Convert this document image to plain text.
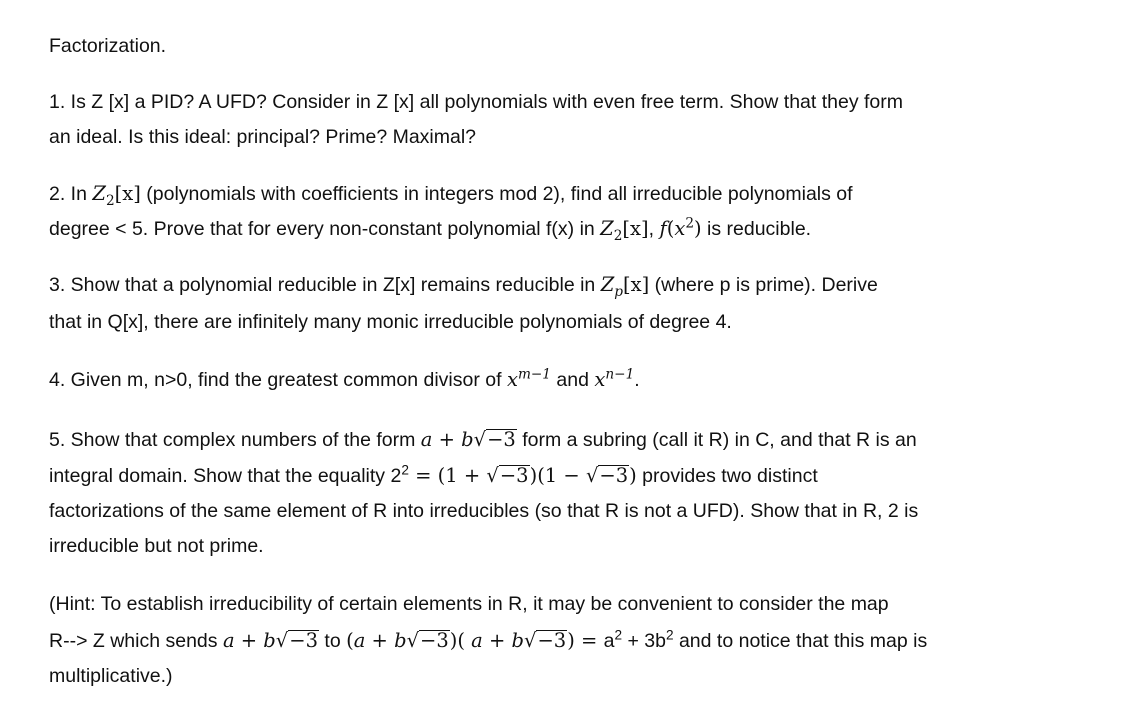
Factorization.
1. Is Z [x] a PID? A UFD? Consider in Z [x] all polynomials with even free term. Show that they form
an ideal. Is this ideal: principal? Prime? Maximal?
2. In $Z_2[x]$ (polynomials with coefficients in integers mod 2), find all irreducible polynomials of
degree < 5. Prove that for every non-constant polynomial f(x) in $Z_2[x]$, $f(x^2)$ is reducible.
3. Show that a polynomial reducible in Z[x] remains reducible in $Z_p[x]$ (where p is prime). Derive
that in Q[x], there are infinitely many monic irreducible polynomials of degree 4.
4. Given m, n>0, find the greatest common divisor of $x^{m-1}$ and $x^{n-1}$.
5. Show that complex numbers of the form a + b√−3 form a subring (call it R) in C, and that R is an
integral domain. Show that the equality $2^2 = (1 + √-3)(1 - √-3)$ provides two distinct
factorizations of the same element of R into irreducibles (so that R is not a UFD). Show that in R, 2 is
irreducible but not prime.
(Hint: To establish irreducibility of certain elements in R, it may be convenient to consider the map
R--> Z which sends a + b√−3 to (a + b√−3)( $a + b√-3) = a^2 + 3b^2$ and to notice that this map is
multiplicative.)
